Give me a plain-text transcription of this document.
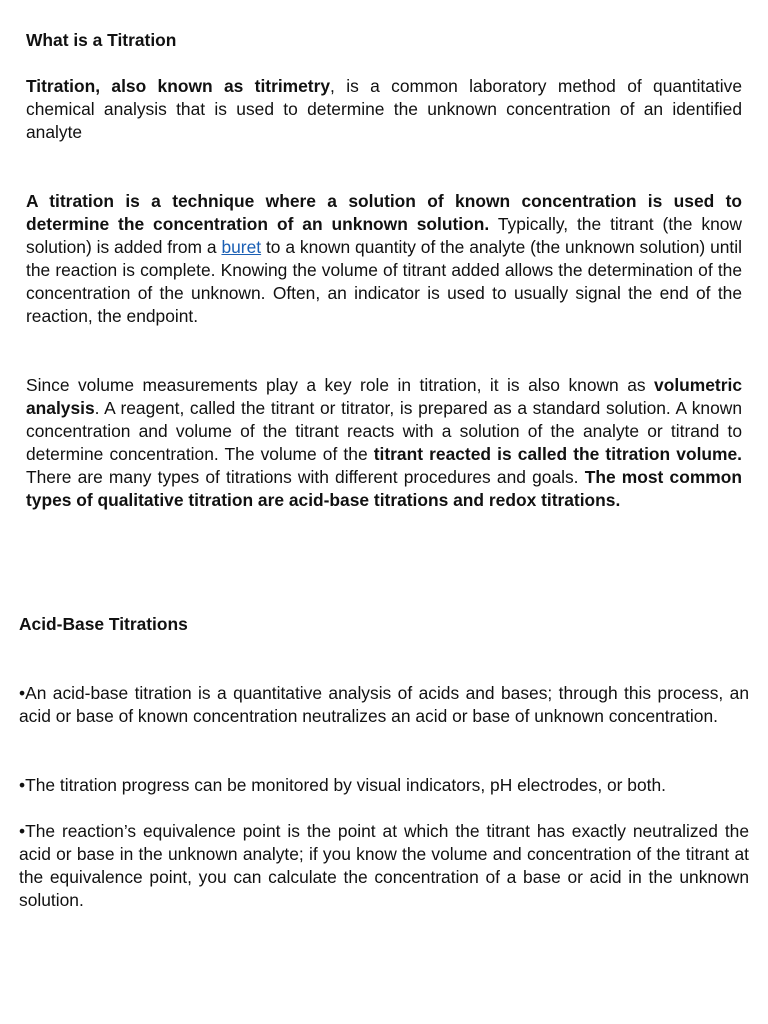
What is a Titration

Titration, also known as titrimetry, is a common laboratory method of quantitative chemical analysis that is used to determine the unknown concentration of an identified analyte

A titration is a technique where a solution of known concentration is used to determine the concentration of an unknown solution. Typically, the titrant (the know solution) is added from a buret to a known quantity of the analyte (the unknown solution) until the reaction is complete. Knowing the volume of titrant added allows the determination of the concentration of the unknown. Often, an indicator is used to usually signal the end of the reaction, the endpoint.

Since volume measurements play a key role in titration, it is also known as volumetric analysis. A reagent, called the titrant or titrator, is prepared as a standard solution. A known concentration and volume of the titrant reacts with a solution of the analyte or titrand to determine concentration. The volume of the titrant reacted is called the titration volume. There are many types of titrations with different procedures and goals. The most common types of qualitative titration are acid-base titrations and redox titrations.

Acid-Base Titrations

•An acid-base titration is a quantitative analysis of acids and bases; through this process, an acid or base of known concentration neutralizes an acid or base of unknown concentration.

•The titration progress can be monitored by visual indicators, pH electrodes, or both.

•The reaction’s equivalence point is the point at which the titrant has exactly neutralized the acid or base in the unknown analyte; if you know the volume and concentration of the titrant at the equivalence point, you can calculate the concentration of a base or acid in the unknown solution.
